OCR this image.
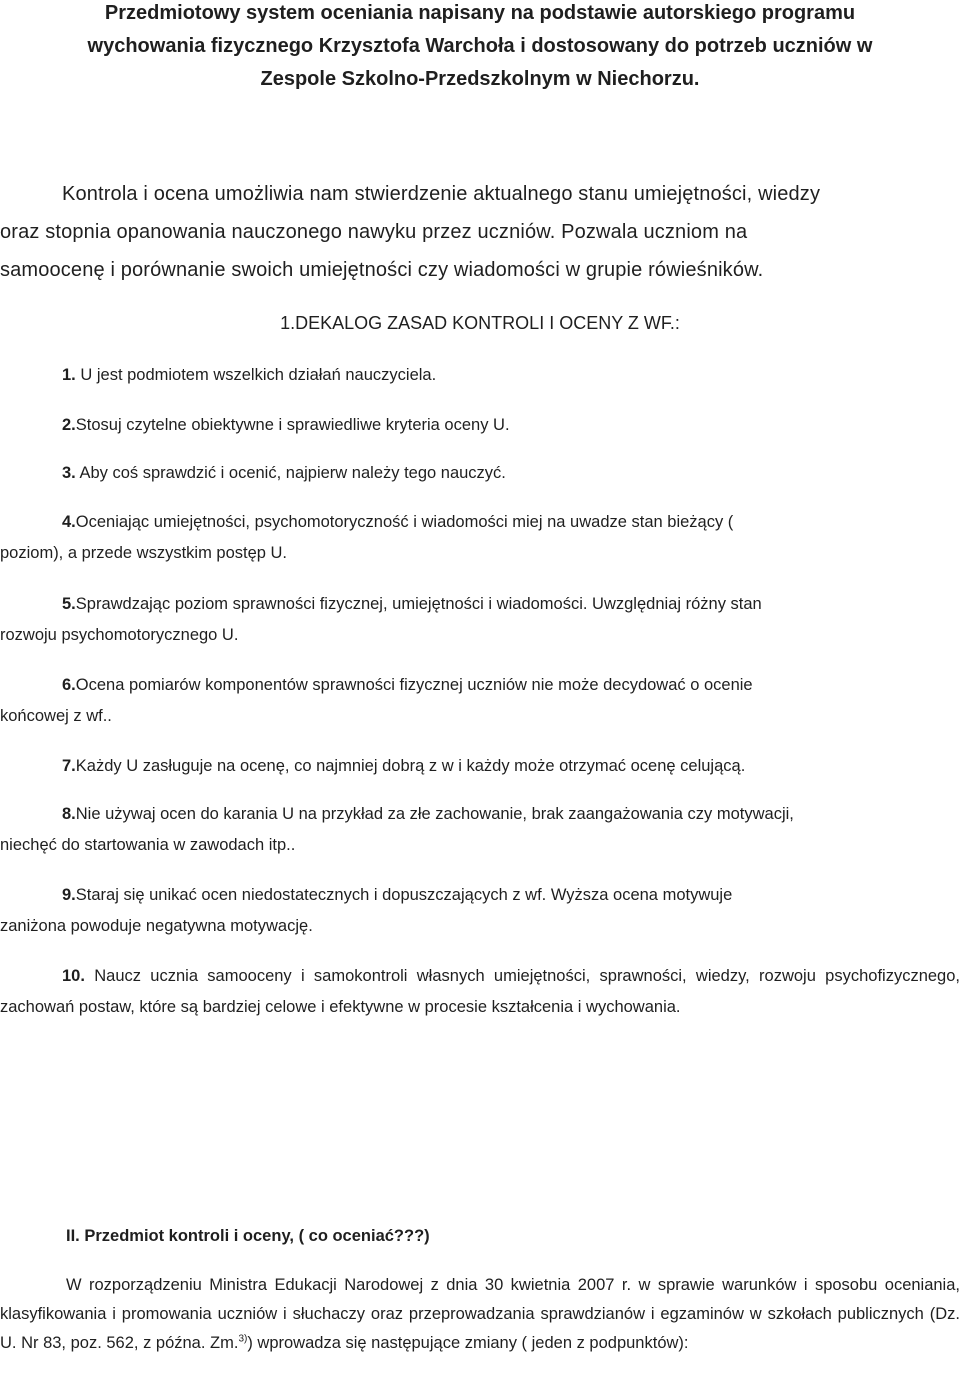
Przedmiotowy system oceniania napisany na podstawie autorskiego programu
wychowania fizycznego Krzysztofa Warchoła i dostosowany do potrzeb uczniów w
Zespole Szkolno-Przedszkolnym w Niechorzu.

Kontrola i ocena umożliwia nam stwierdzenie aktualnego stanu umiejętności, wiedzy

oraz stopnia opanowania nauczonego nawyku przez uczniów. Pozwala uczniom na

samoocenę i porównanie swoich umiejętności czy wiadomości w grupie rówieśników.

1.DEKALOG ZASAD KONTROLI I OCENY Z WF.:
1. U jest podmiotem wszelkich działań nauczyciela.
2.Stosuj czytelne obiektywne i sprawiedliwe kryteria oceny U.
3. Aby coś sprawdzić i ocenić, najpierw należy tego nauczyć.
4.Oceniając umiejętności, psychomotoryczność i wiadomości miej na uwadze stan bieżący (
poziom), a przede wszystkim postęp U.
5.Sprawdzając poziom sprawności fizycznej, umiejętności i wiadomości. Uwzględniaj różny stan
rozwoju psychomotorycznego U.
6.Ocena pomiarów komponentów sprawności fizycznej uczniów nie może decydować o ocenie
końcowej z wf..
7.Każdy U zasługuje na ocenę, co najmniej dobrą z w i każdy może otrzymać ocenę celującą.
8.Nie używaj ocen do karania U na przykład za złe zachowanie, brak zaangażowania czy motywacji,
niechęć do startowania w zawodach itp..
9.Staraj się unikać ocen niedostatecznych i dopuszczających z wf. Wyższa ocena motywuje
zaniżona powoduje negatywna motywację.
10. Naucz ucznia samooceny i samokontroli własnych umiejętności, sprawności, wiedzy, rozwoju psychofizycznego, zachowań postaw, które są bardziej celowe i efektywne w procesie kształcenia i wychowania.
II. Przedmiot kontroli i oceny, ( co oceniać???)
W rozporządzeniu Ministra Edukacji Narodowej z dnia 30 kwietnia 2007 r. w sprawie warunków i sposobu oceniania, klasyfikowania i promowania uczniów i słuchaczy oraz przeprowadzania sprawdzianów i egzaminów w szkołach publicznych (Dz. U. Nr 83, poz. 562, z późna. Zm.$^{3)}$) wprowadza się następujące zmiany ( jeden z podpunktów):
